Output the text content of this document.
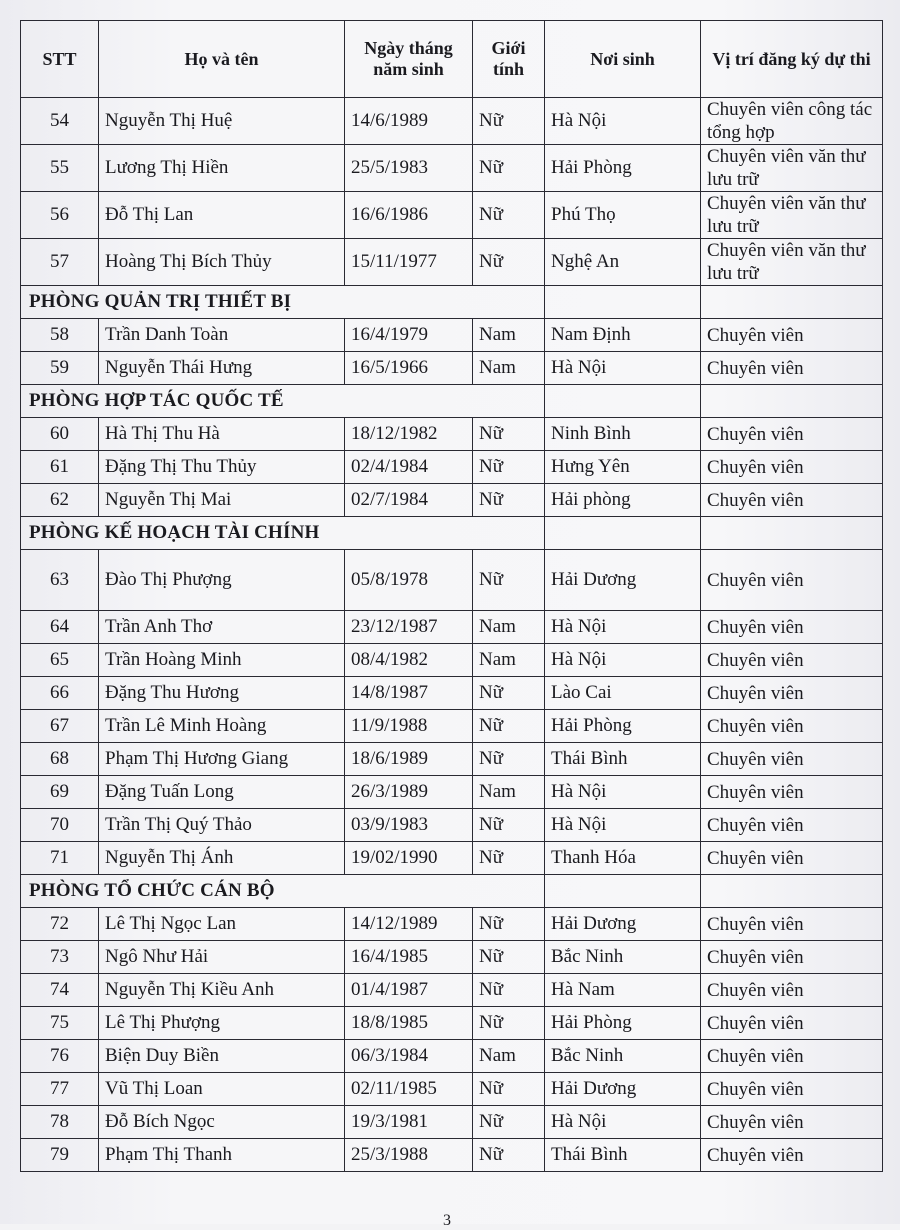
STT	Họ và tên	Ngày tháng năm sinh	Giới tính	Nơi sinh	Vị trí đăng ký dự thi
54	Nguyễn Thị Huệ	14/6/1989	Nữ	Hà Nội	Chuyên viên công tác tổng hợp
55	Lương Thị Hiền	25/5/1983	Nữ	Hải Phòng	Chuyên viên văn thư lưu trữ
56	Đỗ Thị Lan	16/6/1986	Nữ	Phú Thọ	Chuyên viên văn thư lưu trữ
57	Hoàng Thị Bích Thủy	15/11/1977	Nữ	Nghệ An	Chuyên viên văn thư lưu trữ
PHÒNG QUẢN TRỊ THIẾT BỊ					
58	Trần Danh Toàn	16/4/1979	Nam	Nam Định	Chuyên viên
59	Nguyễn Thái Hưng	16/5/1966	Nam	Hà Nội	Chuyên viên
PHÒNG HỢP TÁC QUỐC TẾ					
60	Hà Thị Thu Hà	18/12/1982	Nữ	Ninh Bình	Chuyên viên
61	Đặng Thị Thu Thủy	02/4/1984	Nữ	Hưng Yên	Chuyên viên
62	Nguyễn Thị Mai	02/7/1984	Nữ	Hải phòng	Chuyên viên
PHÒNG KẾ HOẠCH TÀI CHÍNH					
63	Đào Thị Phượng	05/8/1978	Nữ	Hải Dương	Chuyên viên
64	Trần Anh Thơ	23/12/1987	Nam	Hà Nội	Chuyên viên
65	Trần Hoàng Minh	08/4/1982	Nam	Hà Nội	Chuyên viên
66	Đặng Thu Hương	14/8/1987	Nữ	Lào Cai	Chuyên viên
67	Trần Lê Minh Hoàng	11/9/1988	Nữ	Hải Phòng	Chuyên viên
68	Phạm Thị Hương Giang	18/6/1989	Nữ	Thái Bình	Chuyên viên
69	Đặng Tuấn Long	26/3/1989	Nam	Hà Nội	Chuyên viên
70	Trần Thị Quý Thảo	03/9/1983	Nữ	Hà Nội	Chuyên viên
71	Nguyễn Thị Ánh	19/02/1990	Nữ	Thanh Hóa	Chuyên viên
PHÒNG TỔ CHỨC CÁN BỘ					
72	Lê Thị Ngọc Lan	14/12/1989	Nữ	Hải Dương	Chuyên viên
73	Ngô Như Hải	16/4/1985	Nữ	Bắc Ninh	Chuyên viên
74	Nguyễn Thị Kiều Anh	01/4/1987	Nữ	Hà Nam	Chuyên viên
75	Lê Thị Phượng	18/8/1985	Nữ	Hải Phòng	Chuyên viên
76	Biện Duy Biền	06/3/1984	Nam	Bắc Ninh	Chuyên viên
77	Vũ Thị Loan	02/11/1985	Nữ	Hải Dương	Chuyên viên
78	Đỗ Bích Ngọc	19/3/1981	Nữ	Hà Nội	Chuyên viên
79	Phạm Thị Thanh	25/3/1988	Nữ	Thái Bình	Chuyên viên
3
